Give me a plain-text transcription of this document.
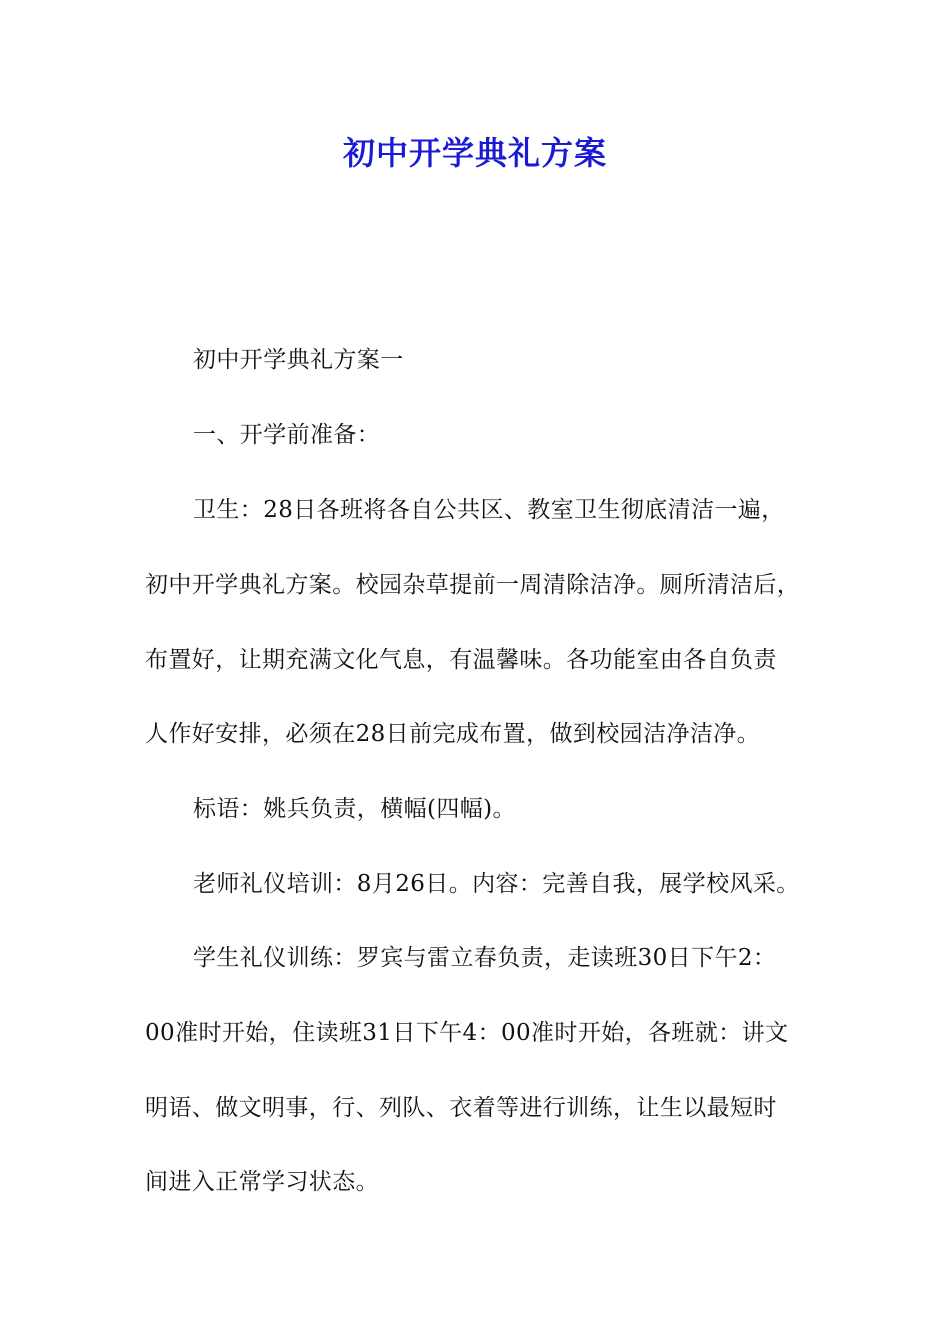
初中开学典礼方案
初中开学典礼方案一
一、开学前准备：
卫生：28日各班将各自公共区、教室卫生彻底清洁一遍，
初中开学典礼方案。校园杂草提前一周清除洁净。厕所清洁后，
布置好，让期充满文化气息，有温馨味。各功能室由各自负责
人作好安排，必须在28日前完成布置，做到校园洁净洁净。
标语：姚兵负责，横幅(四幅)。
老师礼仪培训：8月26日。内容：完善自我，展学校风采。
学生礼仪训练：罗宾与雷立春负责，走读班30日下午2：
00准时开始，住读班31日下午4：00准时开始，各班就：讲文
明语、做文明事，行、列队、衣着等进行训练，让生以最短时
间进入正常学习状态。
